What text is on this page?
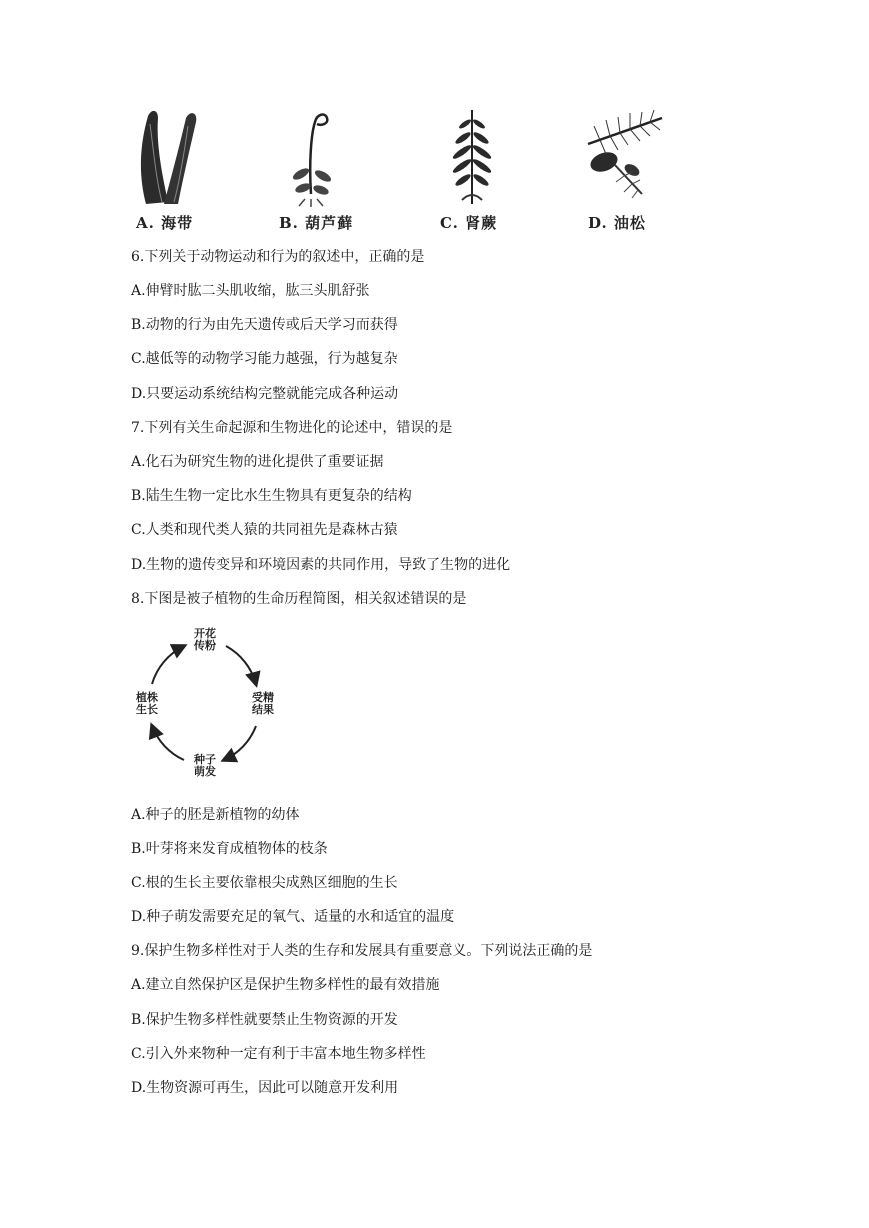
A. 海带	B. 葫芦藓	C. 肾蕨	D. 油松
6.下列关于动物运动和行为的叙述中，正确的是
A.伸臂时肱二头肌收缩，肱三头肌舒张
B.动物的行为由先天遗传或后天学习而获得
C.越低等的动物学习能力越强，行为越复杂
D.只要运动系统结构完整就能完成各种运动
7.下列有关生命起源和生物进化的论述中，错误的是
A.化石为研究生物的进化提供了重要证据
B.陆生生物一定比水生生物具有更复杂的结构
C.人类和现代类人猿的共同祖先是森林古猿
D.生物的遗传变异和环境因素的共同作用，导致了生物的进化
8.下图是被子植物的生命历程简图，相关叙述错误的是
开花
传粉
受精
结果
种子
萌发
植株
生长
A.种子的胚是新植物的幼体
B.叶芽将来发育成植物体的枝条
C.根的生长主要依靠根尖成熟区细胞的生长
D.种子萌发需要充足的氧气、适量的水和适宜的温度
9.保护生物多样性对于人类的生存和发展具有重要意义。下列说法正确的是
A.建立自然保护区是保护生物多样性的最有效措施
B.保护生物多样性就要禁止生物资源的开发
C.引入外来物种一定有利于丰富本地生物多样性
D.生物资源可再生，因此可以随意开发利用
